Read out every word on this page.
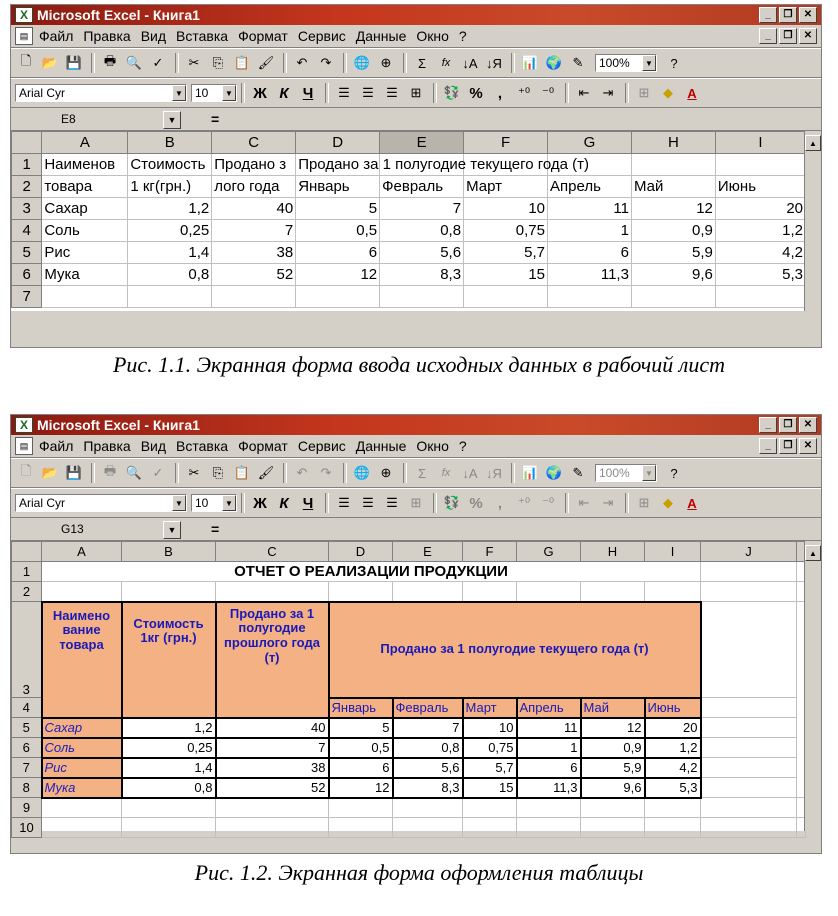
X Microsoft Excel - Книга1	_	❐	✕
▤ Файл Правка Вид Вставка Формат Сервис Данные Окно ?	_	❐	✕
🗋 📂 💾	🖶 🔍 ✓	✂	⎘ 📋 🖌	↶	↷	🌐 ⊕	Σ	fx ↓A ↓Я 📊 🌍 ✎	100%	▼	?
Arial Cyr	▼ 10	▼ Ж К Ч	☰ ☰ ☰ ⊞	💱 %	,	⁺⁰ ⁻⁰	⇤	⇥	⊞	◆	A
E8	▼	=
	A	B	C	D	E	F	G	H	I
1	Наименов	Стоимость	Продано з	Продано за 1 полугодие текущего года (т)					
2	товара	1 кг(грн.)	лого года	Январь	Февраль	Март	Апрель	Май	Июнь
3	Сахар	1,2	40	5	7	10	11	12	20
4	Соль	0,25	7	0,5	0,8	0,75	1	0,9	1,2
5	Рис	1,4	38	6	5,6	5,7	6	5,9	4,2
6	Мука	0,8	52	12	8,3	15	11,3	9,6	5,3
7									
▲
Рис. 1.1. Экранная форма ввода исходных данных в рабочий лист
X Microsoft Excel - Книга1	_	❐	✕
▤ Файл Правка Вид Вставка Формат Сервис Данные Окно ?	_	❐	✕
🗋 📂 💾	🖶 🔍 ✓	✂	⎘ 📋 🖌	↶	↷	🌐 ⊕	Σ	fx ↓A ↓Я 📊 🌍 ✎	100%	▼	?
Arial Cyr	▼ 10	▼ Ж К Ч	☰ ☰ ☰ ⊞	💱 %	,	⁺⁰ ⁻⁰	⇤	⇥	⊞	◆	A
G13	▼	=
	A	B	C	D	E	F	G	H	I	J	
1	ОТЧЕТ О РЕАЛИЗАЦИИ ПРОДУКЦИИ										
2											
3	Наимено вание товара	Стоимость 1кг (грн.)	Продано за 1 полугодие прошлого года (т)	Продано за 1 полугодие текущего года (т)							
4				Январь	Февраль	Март	Апрель	Май	Июнь		
5	Сахар	1,2	40	5	7	10	11	12	20		
6	Соль	0,25	7	0,5	0,8	0,75	1	0,9	1,2		
7	Рис	1,4	38	6	5,6	5,7	6	5,9	4,2		
8	Мука	0,8	52	12	8,3	15	11,3	9,6	5,3		
9											
10											
▲
Рис. 1.2. Экранная форма оформления таблицы
